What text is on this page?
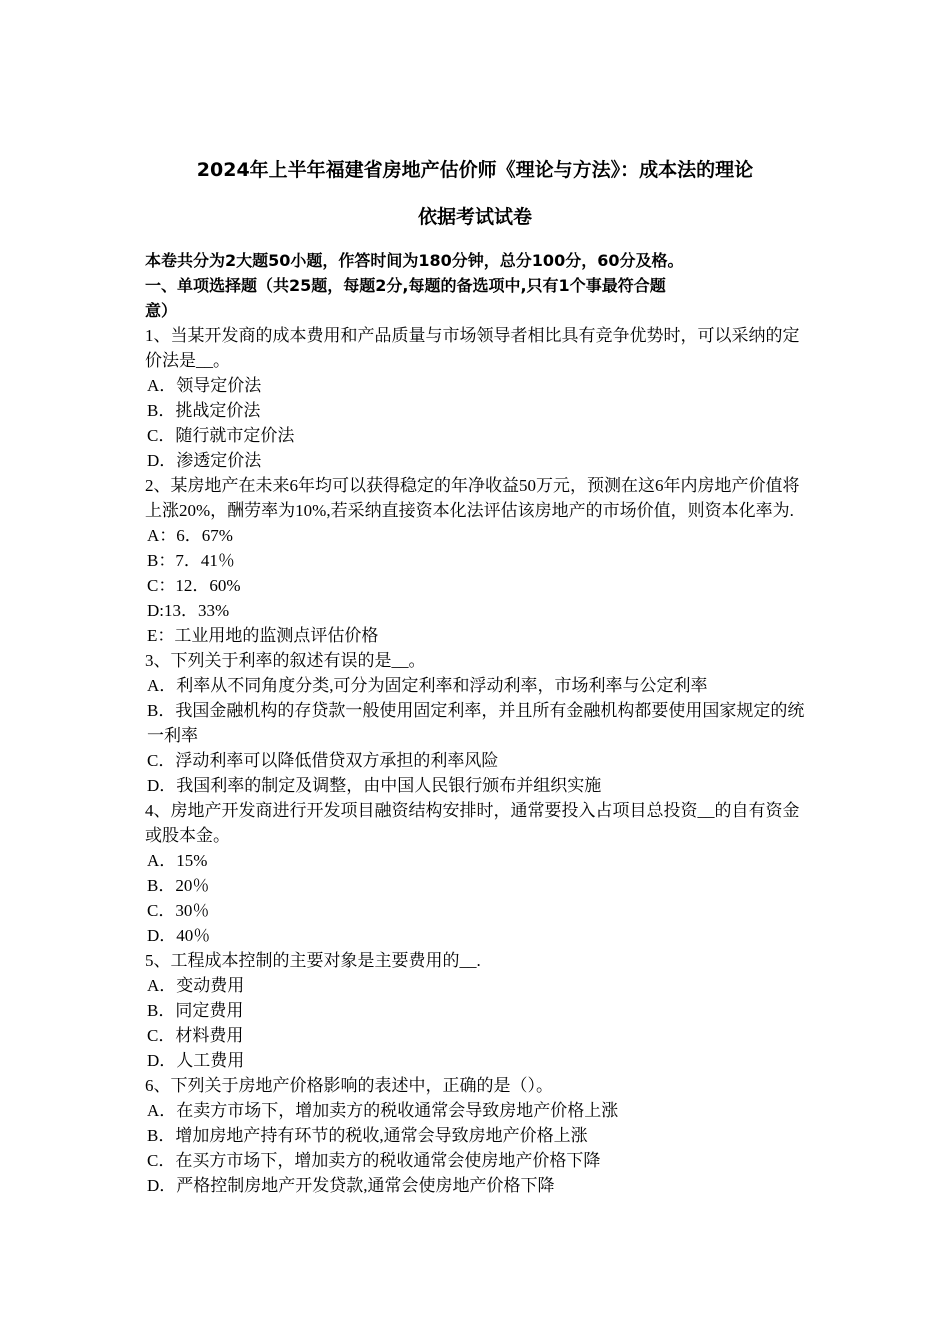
2024年上半年福建省房地产估价师《理论与方法》：成本法的理论
依据考试试卷

本卷共分为2大题50小题，作答时间为180分钟，总分100分，60分及格。

一、单项选择题（共25题，每题2分,每题的备选项中,只有1个事最符合题
意）

1、当某开发商的成本费用和产品质量与市场领导者相比具有竞争优势时，可以采纳的定价法是__。

A．领导定价法

B．挑战定价法

C．随行就市定价法

D．渗透定价法

2、某房地产在未来6年均可以获得稳定的年净收益50万元，预测在这6年内房地产价值将上涨20%，酬劳率为10%,若采纳直接资本化法评估该房地产的市场价值，则资本化率为.

A：6．67%

B：7．41％

C：12．60%

D:13．33%

E：工业用地的监测点评估价格

3、下列关于利率的叙述有误的是__。

A．利率从不同角度分类,可分为固定利率和浮动利率，市场利率与公定利率

B．我国金融机构的存贷款一般使用固定利率，并且所有金融机构都要使用国家规定的统一利率

C．浮动利率可以降低借贷双方承担的利率风险

D．我国利率的制定及调整，由中国人民银行颁布并组织实施

4、房地产开发商进行开发项目融资结构安排时，通常要投入占项目总投资__的自有资金或股本金。

A．15%

B．20％

C．30％

D．40％

5、工程成本控制的主要对象是主要费用的__.

A．变动费用

B．同定费用

C．材料费用

D．人工费用

6、下列关于房地产价格影响的表述中，正确的是（）。

A．在卖方市场下，增加卖方的税收通常会导致房地产价格上涨

B．增加房地产持有环节的税收,通常会导致房地产价格上涨

C．在买方市场下，增加卖方的税收通常会使房地产价格下降

D．严格控制房地产开发贷款,通常会使房地产价格下降
